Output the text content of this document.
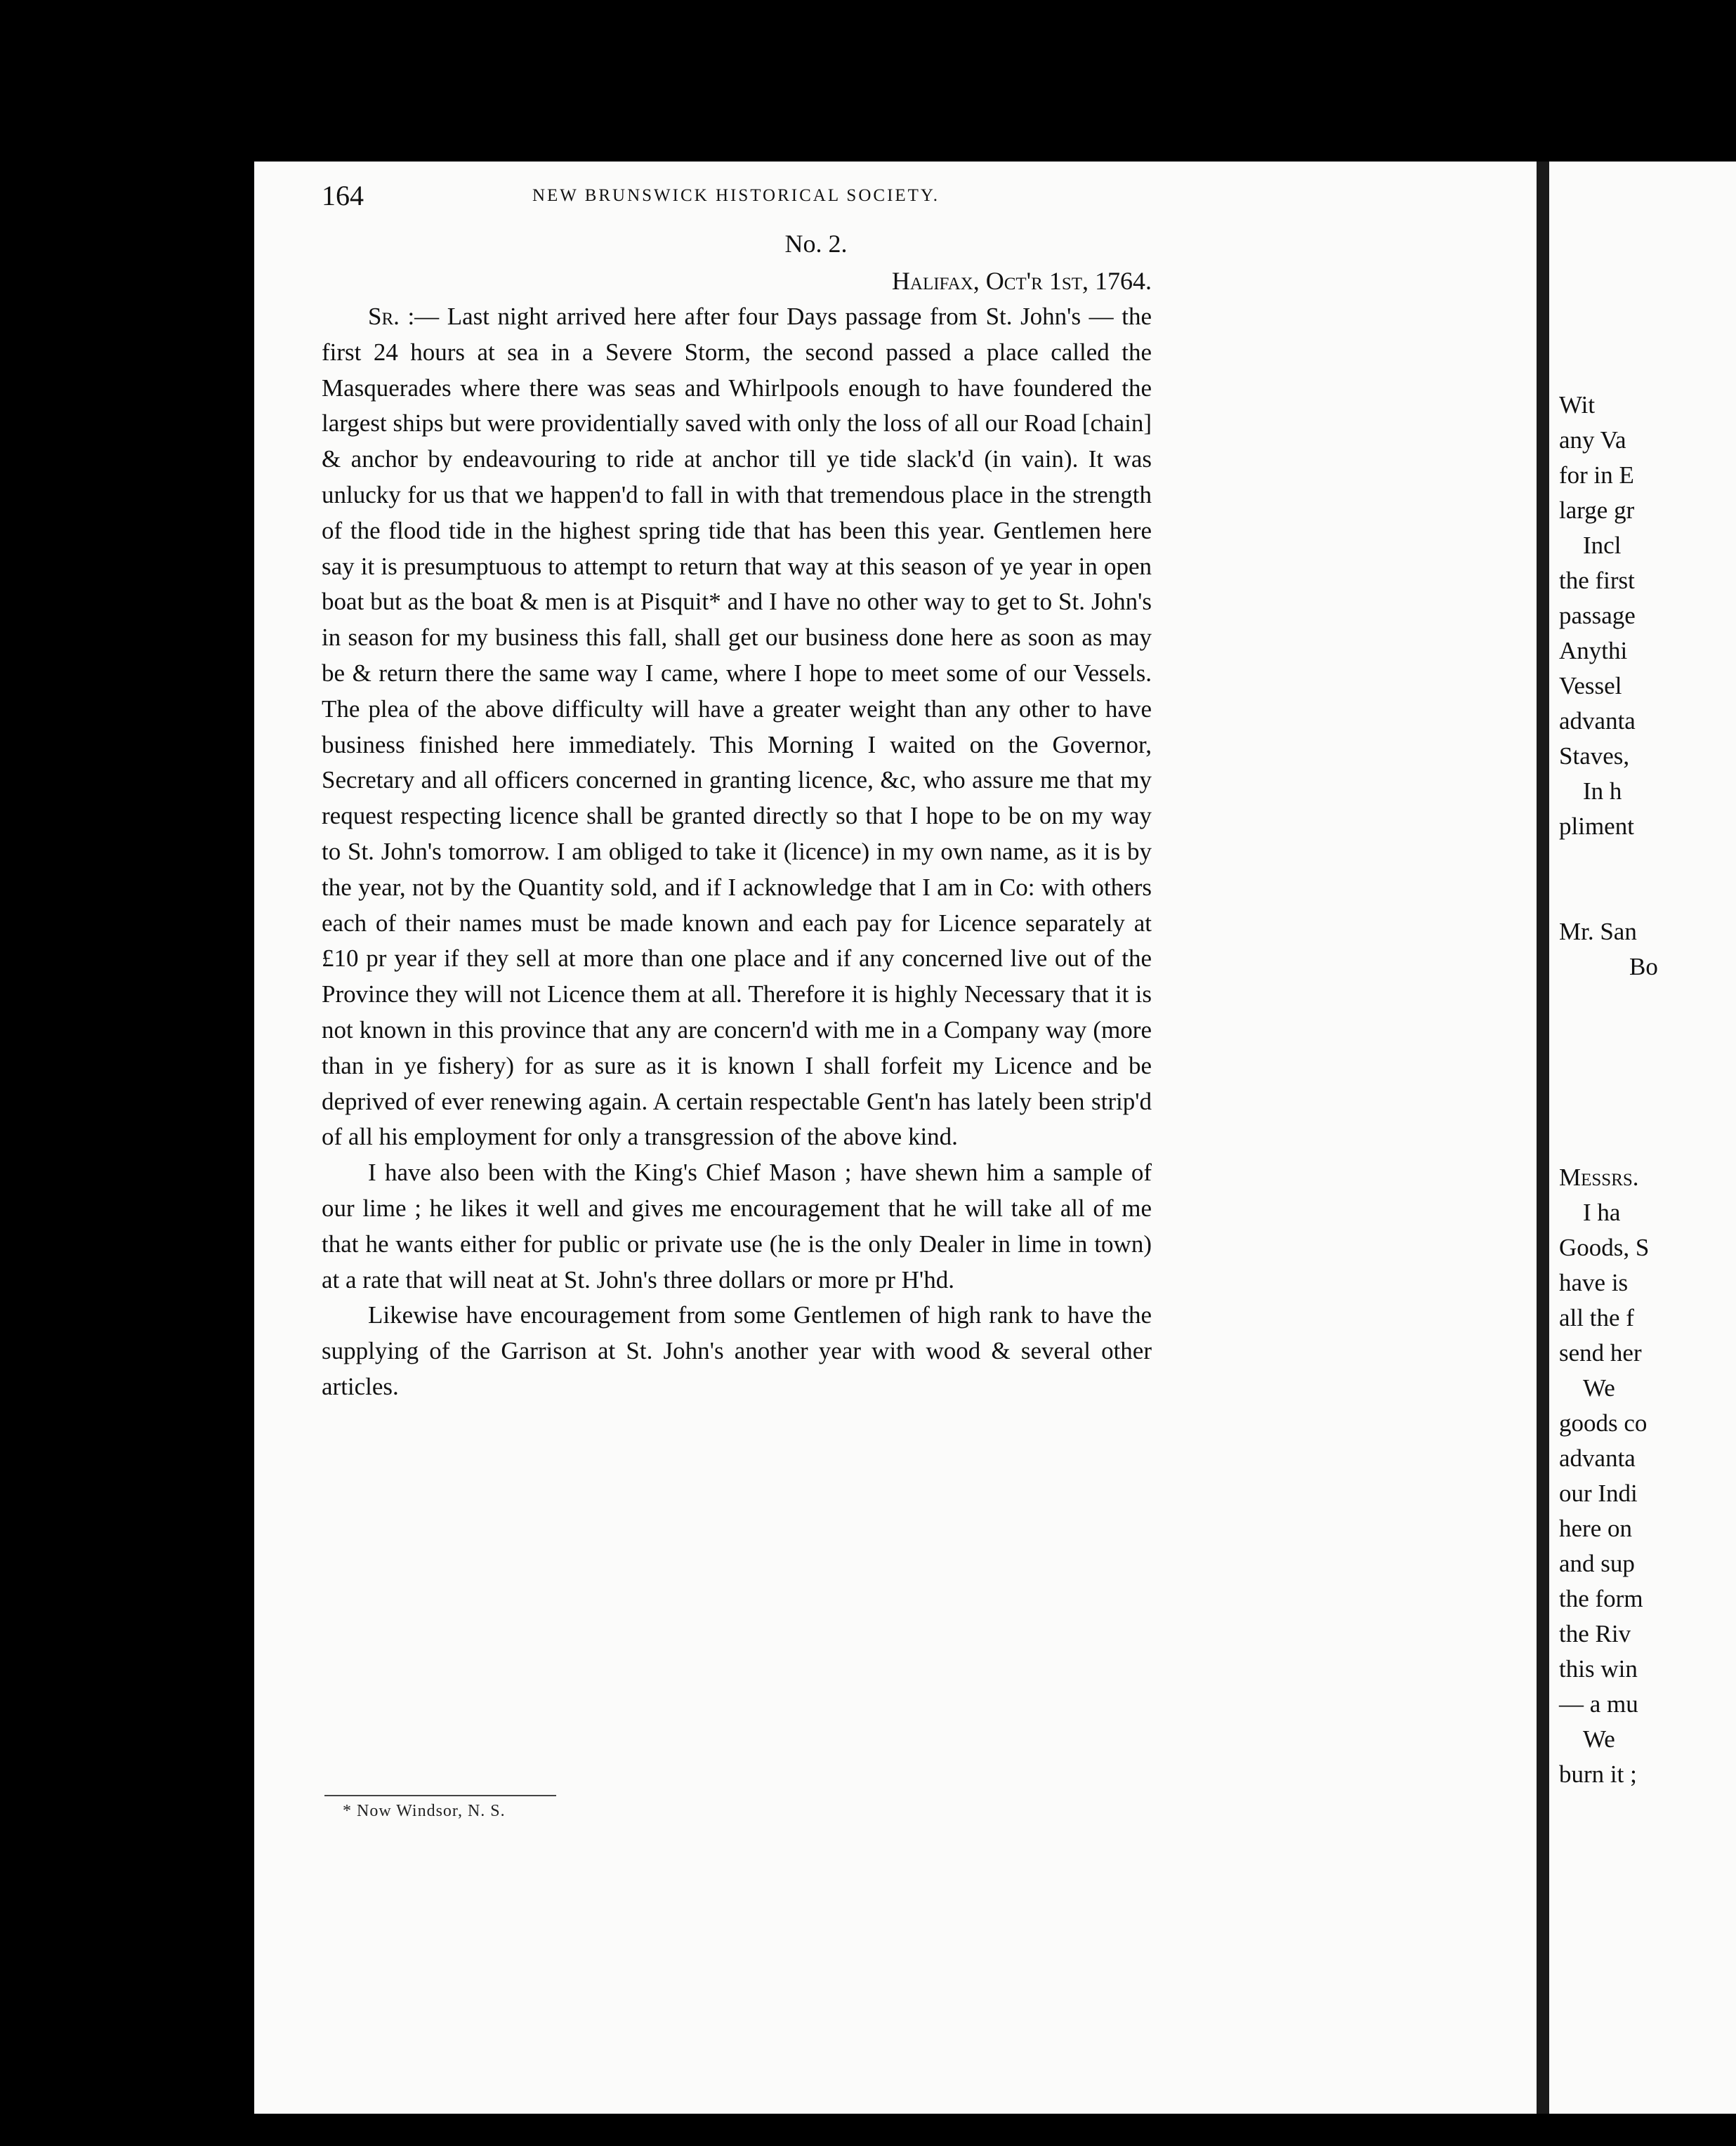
Wit
any Va
for in E
large gr
Incl
the first
passage
Anythi
Vessel
advanta
Staves,
In h
pliment
Mr. San
Bo
Messrs.
I ha
Goods, S
have is
all the f
send her
We
goods co
advanta
our Indi
here on
and sup
the form
the Riv
this win
— a mu
We
burn it ;
164	NEW BRUNSWICK HISTORICAL SOCIETY.
No. 2.
Halifax, Oct'r 1st, 1764.

Sr. :— Last night arrived here after four Days passage from St. John's — the first 24 hours at sea in a Severe Storm, the second passed a place called the Masquerades where there was seas and Whirlpools enough to have foundered the largest ships but were providentially saved with only the loss of all our Road [chain] & anchor by endeavouring to ride at anchor till ye tide slack'd (in vain). It was unlucky for us that we happen'd to fall in with that tremendous place in the strength of the flood tide in the highest spring tide that has been this year. Gentlemen here say it is presumptuous to attempt to return that way at this season of ye year in open boat but as the boat & men is at Pisquit* and I have no other way to get to St. John's in season for my business this fall, shall get our business done here as soon as may be & return there the same way I came, where I hope to meet some of our Vessels. The plea of the above difficulty will have a greater weight than any other to have business finished here immediately. This Morning I waited on the Governor, Secretary and all officers concerned in granting licence, &c, who assure me that my request respecting licence shall be granted directly so that I hope to be on my way to St. John's tomorrow. I am obliged to take it (licence) in my own name, as it is by the year, not by the Quantity sold, and if I acknowledge that I am in Co: with others each of their names must be made known and each pay for Licence separately at £10 pr year if they sell at more than one place and if any concerned live out of the Province they will not Licence them at all. Therefore it is highly Necessary that it is not known in this province that any are concern'd with me in a Company way (more than in ye fishery) for as sure as it is known I shall forfeit my Licence and be deprived of ever renewing again. A certain respectable Gent'n has lately been strip'd of all his employment for only a transgression of the above kind.

I have also been with the King's Chief Mason ; have shewn him a sample of our lime ; he likes it well and gives me encouragement that he will take all of me that he wants either for public or private use (he is the only Dealer in lime in town) at a rate that will neat at St. John's three dollars or more pr H'hd.

Likewise have encouragement from some Gentlemen of high rank to have the supplying of the Garrison at St. John's another year with wood & several other articles.

* Now Windsor, N. S.
